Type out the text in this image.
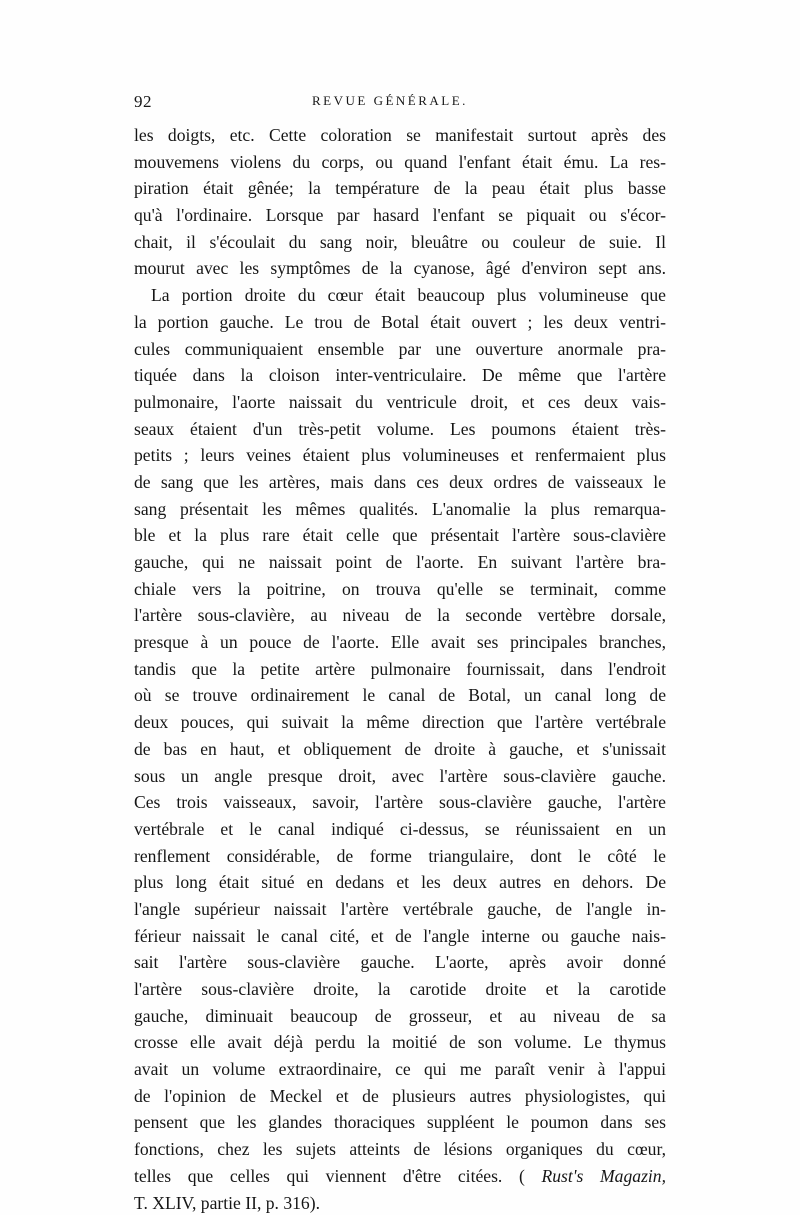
92	REVUE GÉNÉRALE.
les doigts, etc. Cette coloration se manifestait surtout après des
mouvemens violens du corps, ou quand l'enfant était ému. La res-
piration était gênée; la température de la peau était plus basse
qu'à l'ordinaire. Lorsque par hasard l'enfant se piquait ou s'écor-
chait, il s'écoulait du sang noir, bleuâtre ou couleur de suie. Il
mourut avec les symptômes de la cyanose, âgé d'environ sept ans.
La portion droite du cœur était beaucoup plus volumineuse que
la portion gauche. Le trou de Botal était ouvert ; les deux ventri-
cules communiquaient ensemble par une ouverture anormale pra-
tiquée dans la cloison inter-ventriculaire. De même que l'artère
pulmonaire, l'aorte naissait du ventricule droit, et ces deux vais-
seaux étaient d'un très-petit volume. Les poumons étaient très-
petits ; leurs veines étaient plus volumineuses et renfermaient plus
de sang que les artères, mais dans ces deux ordres de vaisseaux le
sang présentait les mêmes qualités. L'anomalie la plus remarqua-
ble et la plus rare était celle que présentait l'artère sous-clavière
gauche, qui ne naissait point de l'aorte. En suivant l'artère bra-
chiale vers la poitrine, on trouva qu'elle se terminait, comme
l'artère sous-clavière, au niveau de la seconde vertèbre dorsale,
presque à un pouce de l'aorte. Elle avait ses principales branches,
tandis que la petite artère pulmonaire fournissait, dans l'endroit
où se trouve ordinairement le canal de Botal, un canal long de
deux pouces, qui suivait la même direction que l'artère vertébrale
de bas en haut, et obliquement de droite à gauche, et s'unissait
sous un angle presque droit, avec l'artère sous-clavière gauche.
Ces trois vaisseaux, savoir, l'artère sous-clavière gauche, l'artère
vertébrale et le canal indiqué ci-dessus, se réunissaient en un
renflement considérable, de forme triangulaire, dont le côté le
plus long était situé en dedans et les deux autres en dehors. De
l'angle supérieur naissait l'artère vertébrale gauche, de l'angle in-
férieur naissait le canal cité, et de l'angle interne ou gauche nais-
sait l'artère sous-clavière gauche. L'aorte, après avoir donné
l'artère sous-clavière droite, la carotide droite et la carotide
gauche, diminuait beaucoup de grosseur, et au niveau de sa
crosse elle avait déjà perdu la moitié de son volume. Le thymus
avait un volume extraordinaire, ce qui me paraît venir à l'appui
de l'opinion de Meckel et de plusieurs autres physiologistes, qui
pensent que les glandes thoraciques suppléent le poumon dans ses
fonctions, chez les sujets atteints de lésions organiques du cœur,
telles que celles qui viennent d'être citées. ( Rust's Magazin,
T. XLIV, partie II, p. 316).
